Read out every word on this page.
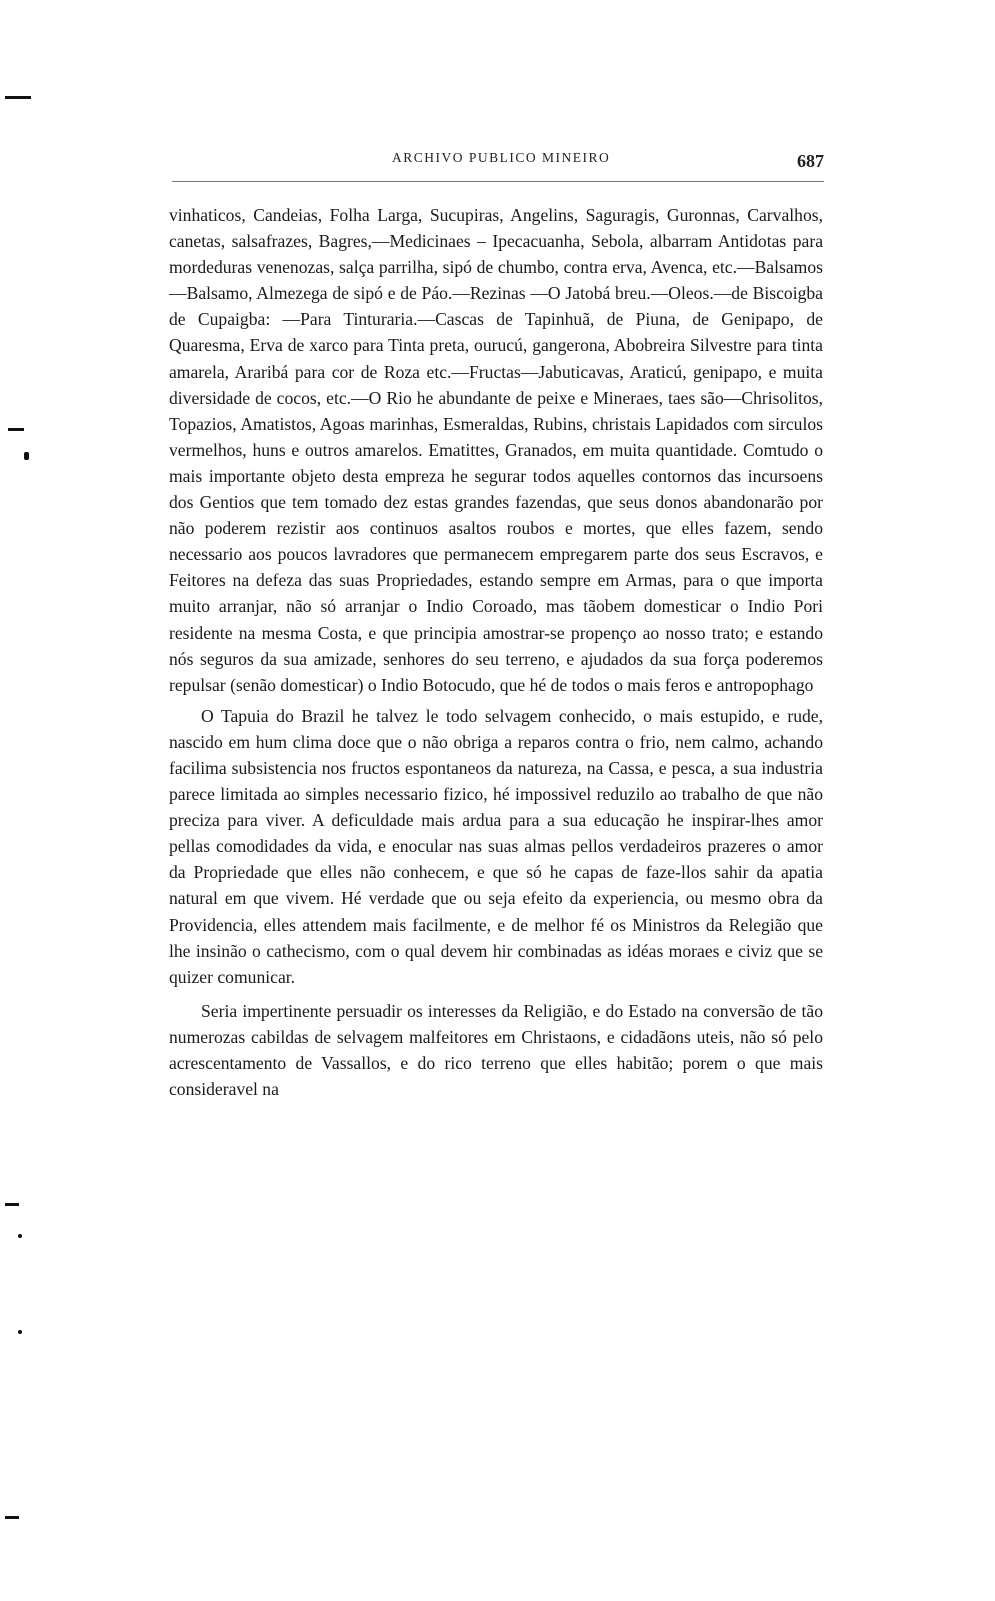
ARCHIVO PUBLICO MINEIRO	687

vinhaticos, Candeias, Folha Larga, Sucupiras, Angelins, Saguragis, Guronnas, Carvalhos, canetas, salsafrazes, Bagres,—Medicinaes – Ipecacuanha, Sebola, albarram Antidotas para mordeduras venenozas, salça parrilha, sipó de chumbo, contra erva, Avenca, etc.—Balsamos—Balsamo, Almezega de sipó e de Páo.—Rezinas —O Jatobá breu.—Oleos.—de Biscoigba de Cupaigba: —Para Tinturaria.—Cascas de Tapinhuã, de Piuna, de Genipapo, de Quaresma, Erva de xarco para Tinta preta, ourucú, gangerona, Abobreira Silvestre para tinta amarela, Araribá para cor de Roza etc.—Fructas—Jabuticavas, Araticú, genipapo, e muita diversidade de cocos, etc.—O Rio he abundante de peixe e Mineraes, taes são—Chrisolitos, Topazios, Amatistos, Agoas marinhas, Esmeraldas, Rubins, christais Lapidados com sirculos vermelhos, huns e outros amarelos. Ematittes, Granados, em muita quantidade. Comtudo o mais importante objeto desta empreza he segurar todos aquelles contornos das incursoens dos Gentios que tem tomado dez estas grandes fazendas, que seus donos abandonarão por não poderem rezistir aos continuos asaltos roubos e mortes, que elles fazem, sendo necessario aos poucos lavradores que permanecem empregarem parte dos seus Escravos, e Feitores na defeza das suas Propriedades, estando sempre em Armas, para o que importa muito arranjar, não só arranjar o Indio Coroado, mas tãobem domesticar o Indio Pori residente na mesma Costa, e que principia amostrar-se propenço ao nosso trato; e estando nós seguros da sua amizade, senhores do seu terreno, e ajudados da sua força poderemos repulsar (senão domesticar) o Indio Botocudo, que hé de todos o mais feros e antropophago

O Tapuia do Brazil he talvez le todo selvagem conhecido, o mais estupido, e rude, nascido em hum clima doce que o não obriga a reparos contra o frio, nem calmo, achando facilima subsistencia nos fructos espontaneos da natureza, na Cassa, e pesca, a sua industria parece limitada ao simples necessario fizico, hé impossivel reduzilo ao trabalho de que não preciza para viver. A deficuldade mais ardua para a sua educação he inspirar-lhes amor pellas comodidades da vida, e enocular nas suas almas pellos verdadeiros prazeres o amor da Propriedade que elles não conhecem, e que só he capas de faze-llos sahir da apatia natural em que vivem. Hé verdade que ou seja efeito da experiencia, ou mesmo obra da Providencia, elles attendem mais facilmente, e de melhor fé os Ministros da Relegião que lhe insinão o cathecismo, com o qual devem hir combinadas as idéas moraes e civiz que se quizer comunicar.

Seria impertinente persuadir os interesses da Religião, e do Estado na conversão de tão numerozas cabildas de selvagem malfeitores em Christaons, e cidadãons uteis, não só pelo acrescentamento de Vassallos, e do rico terreno que elles habitão; porem o que mais consideravel na
